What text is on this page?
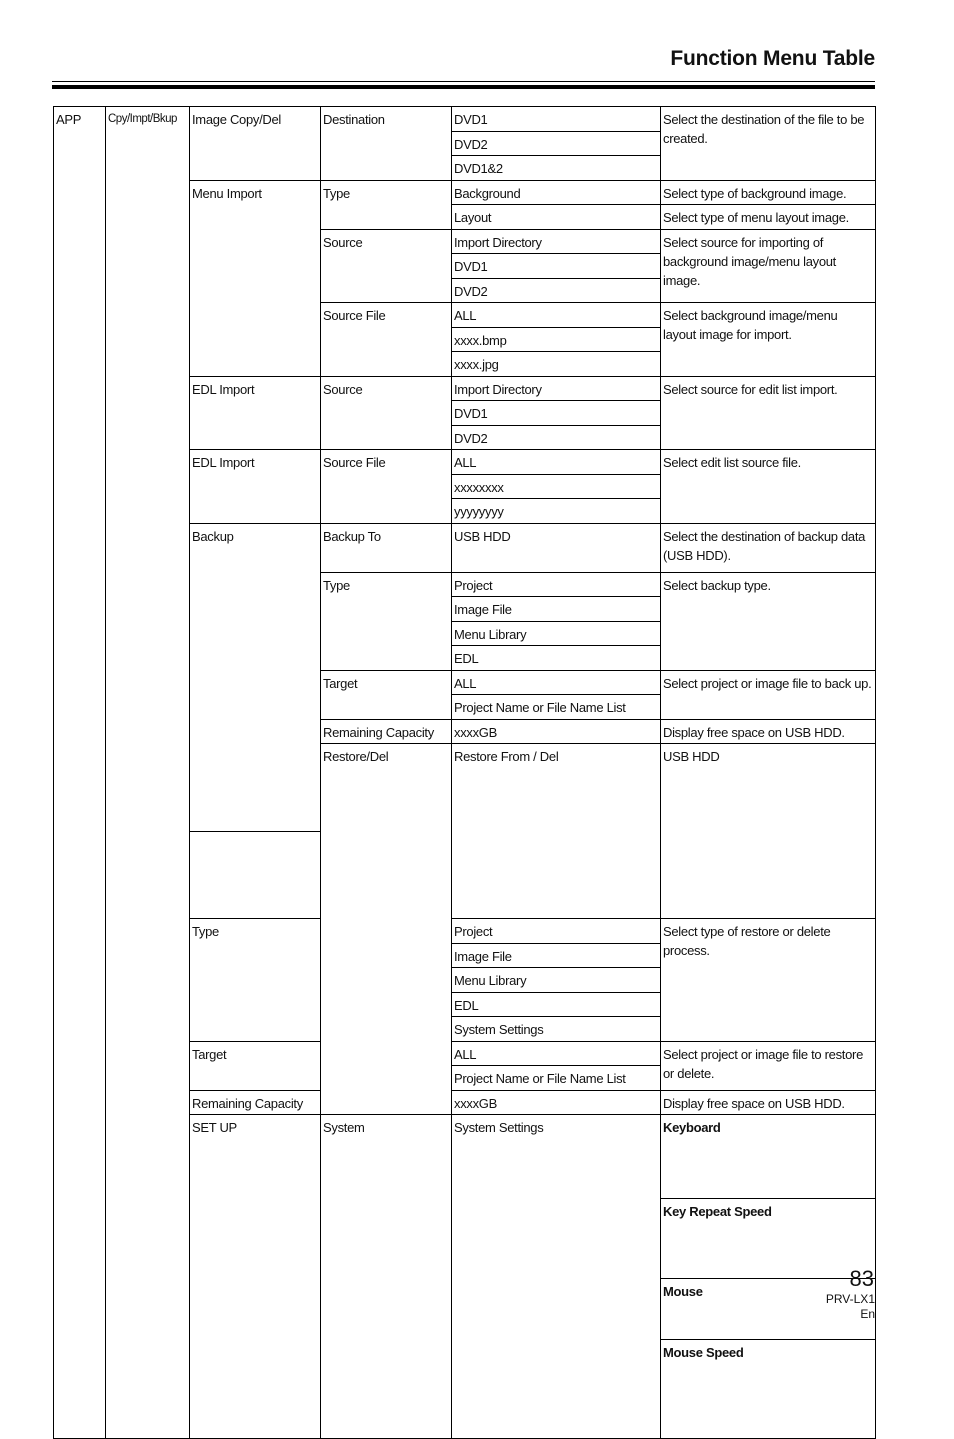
Function Menu Table
APP	Cpy/Impt/Bkup	Image Copy/Del	Destination	DVD1	Select the destination of the file to be created.	
				DVD2		
				DVD1&2		
		Menu Import	Type	Background	Select type of background image.	
				Layout	Select type of menu layout image.	
			Source	Import Directory	Select source for importing of background image/menu layout image.	
				DVD1		
				DVD2		
			Source File	ALL	Select background image/menu layout image for import.	
				xxxx.bmp		
				xxxx.jpg		
		EDL Import	Source	Import Directory	Select source for edit list import.	
				DVD1		
				DVD2		
		EDL Import	Source File	ALL	Select edit list source file.	
				xxxxxxxx		
				yyyyyyyy		
		Backup	Backup To	USB HDD	Select the destination of backup data (USB HDD).	

			Type	Project	Select backup type.	
				Image File		
				Menu Library		
				EDL		
			Target	ALL	Select project or image file to back up.	
				Project Name or File Name List		
			Remaining Capacity	xxxxGB	Display free space on USB HDD.	
			Restore/Del	Restore From / Del	USB HDD	

		Type		Project	Select type of restore or delete process.	
				Image File		
				Menu Library		
				EDL		
				System Settings		
		Target		ALL	Select project or image file to restore or delete.	
				Project Name or File Name List		
		Remaining Capacity		xxxxGB	Display free space on USB HDD.	
		SET UP	System	System Settings	Keyboard		

					Key Repeat Speed		

					Mouse		
					Mouse Speed		

83
PRV-LX1
En
